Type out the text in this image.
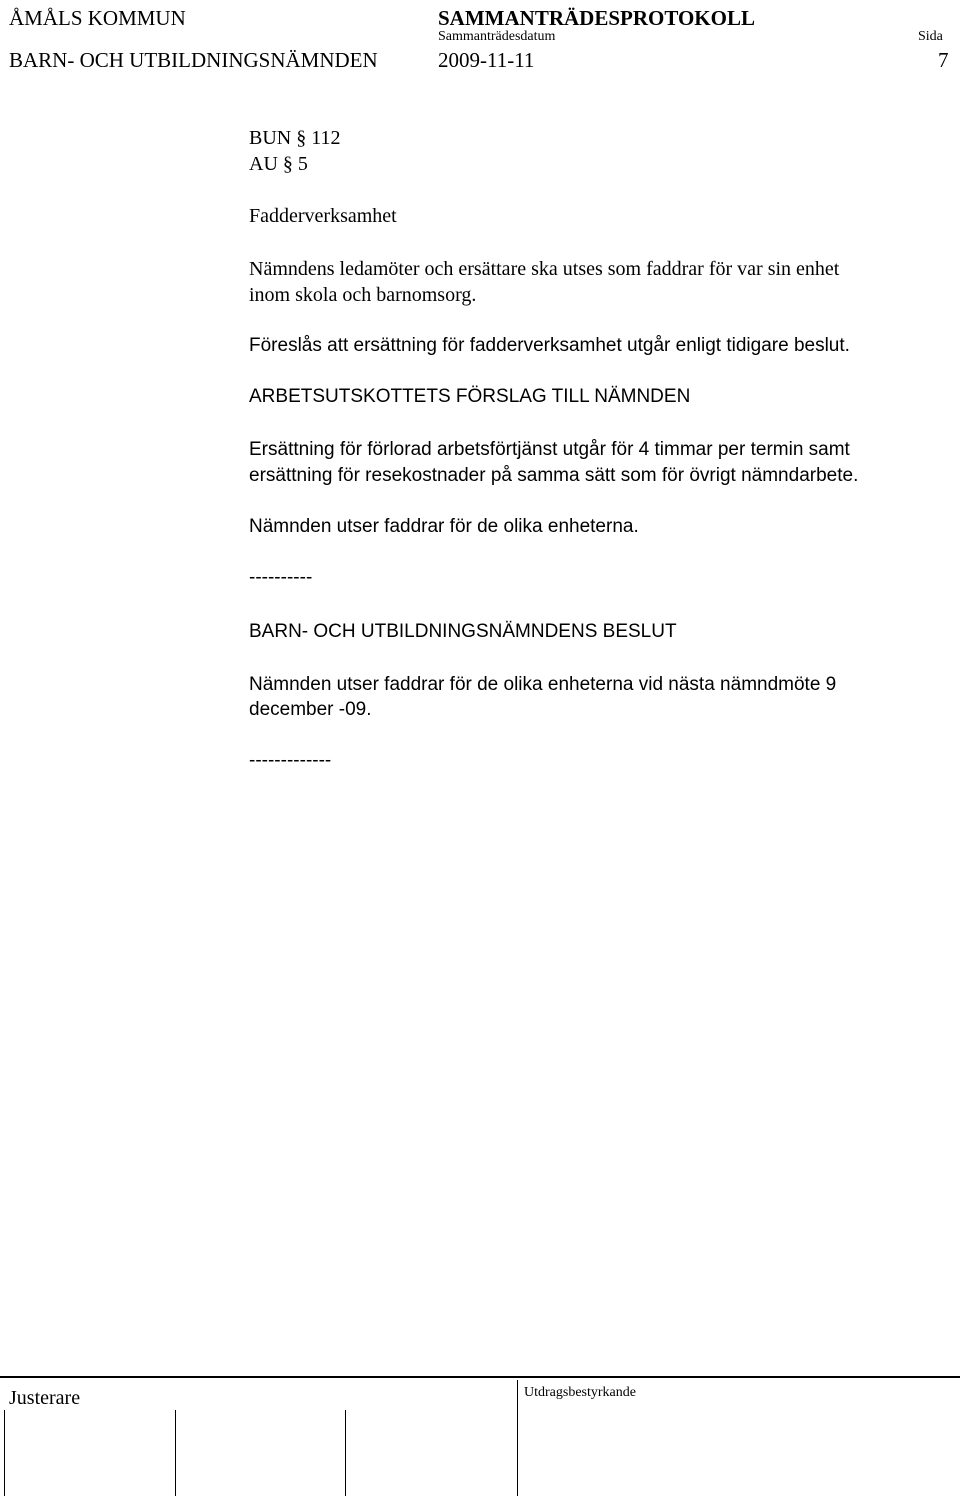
ÅMÅLS KOMMUN	SAMMANTRÄDESPROTOKOLL
Sammanträdesdatum	Sida
BARN- OCH UTBILDNINGSNÄMNDEN	2009-11-11	7
BUN § 112
AU § 5
Fadderverksamhet
Nämndens ledamöter och ersättare ska utses som faddrar för var sin enhet
inom skola och barnomsorg.
Föreslås att ersättning för fadderverksamhet utgår enligt tidigare beslut.
ARBETSUTSKOTTETS FÖRSLAG TILL NÄMNDEN
Ersättning för förlorad arbetsförtjänst utgår för 4 timmar per termin samt
ersättning för resekostnader på samma sätt som för övrigt nämndarbete.
Nämnden utser faddrar för de olika enheterna.
----------
BARN- OCH UTBILDNINGSNÄMNDENS BESLUT
Nämnden utser faddrar för de olika enheterna vid nästa nämndmöte 9
december -09.
-------------
Justerare	Utdragsbestyrkande
